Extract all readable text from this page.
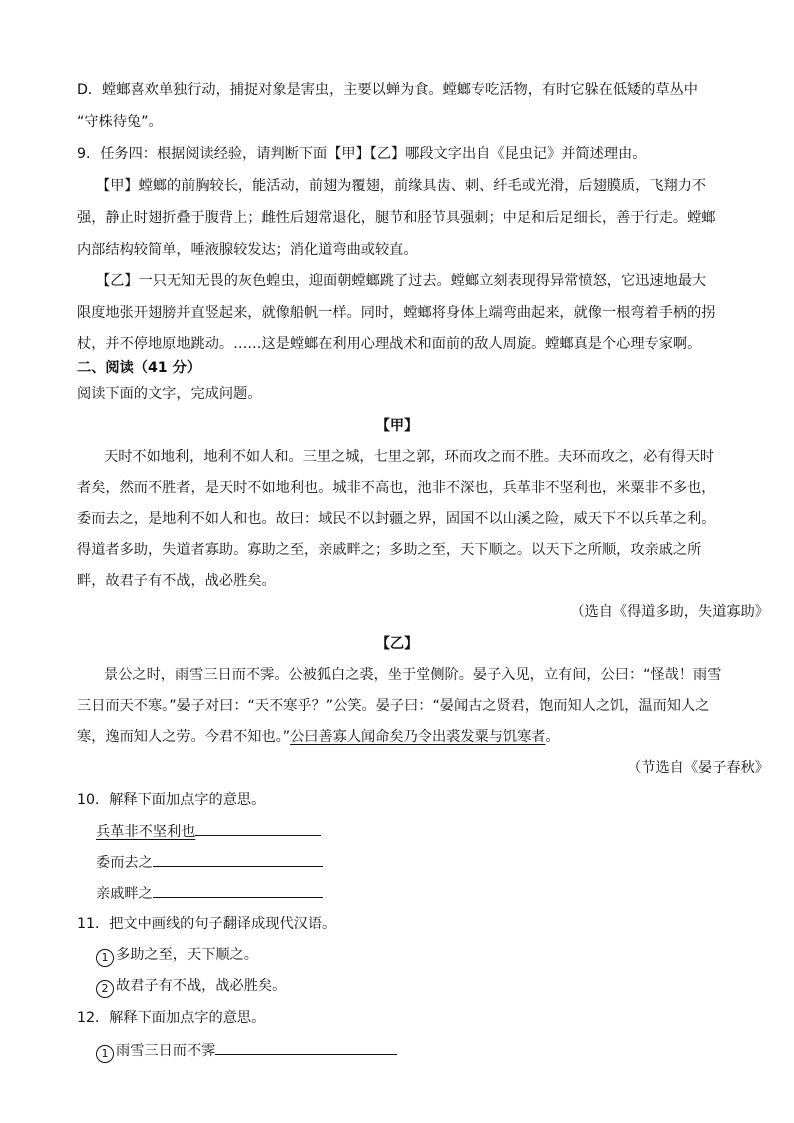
D．螳螂喜欢单独行动，捕捉对象是害虫，主要以蝉为食。螳螂专吃活物，有时它躲在低矮的草丛中
“守株待兔”。
9．任务四：根据阅读经验，请判断下面【甲】【乙】哪段文字出自《昆虫记》并简述理由。
【甲】螳螂的前胸较长，能活动，前翅为覆翅，前缘具齿、刺、纤毛或光滑，后翅膜质，飞翔力不
强，静止时翅折叠于腹背上；雌性后翅常退化，腿节和胫节具强刺；中足和后足细长，善于行走。螳螂
内部结构较简单，唾液腺较发达；消化道弯曲或较直。
【乙】一只无知无畏的灰色蝗虫，迎面朝螳螂跳了过去。螳螂立刻表现得异常愤怒，它迅速地最大
限度地张开翅膀并直竖起来，就像船帆一样。同时，螳螂将身体上端弯曲起来，就像一根弯着手柄的拐
杖，并不停地原地跳动。……这是螳螂在利用心理战术和面前的敌人周旋。螳螂真是个心理专家啊。
二、阅读（41 分）
阅读下面的文字，完成问题。
【甲】
天时不如地利，地利不如人和。三里之城，七里之郭，环而攻之而不胜。夫环而攻之，必有得天时
者矣，然而不胜者，是天时不如地利也。城非不高也，池非不深也，兵革非不坚利也，米粟非不多也，
委而去之，是地利不如人和也。故曰：域民不以封疆之界，固国不以山溪之险，威天下不以兵革之利。
得道者多助，失道者寡助。寡助之至，亲戚畔之；多助之至，天下顺之。以天下之所顺，攻亲戚之所
畔，故君子有不战，战必胜矣。
（选自《得道多助，失道寡助》
【乙】
景公之时，雨雪三日而不霁。公被狐白之裘，坐于堂侧阶。晏子入见，立有间，公曰：“怪哉！雨雪
三日而天不寒。”晏子对曰：“天不寒乎？”公笑。晏子曰：“晏闻古之贤君，饱而知人之饥，温而知人之
寒，逸而知人之劳。今君不知也。”公曰善寡人闻命矣乃令出裘发粟与饥寒者。
（节选自《晏子春秋》
10．解释下面加点字的意思。
兵革非不坚利也
委而去之
亲戚畔之
11．把文中画线的句子翻译成现代汉语。
1 多助之至，天下顺之。
2 故君子有不战，战必胜矣。
12．解释下面加点字的意思。
1 雨雪三日而不霁
